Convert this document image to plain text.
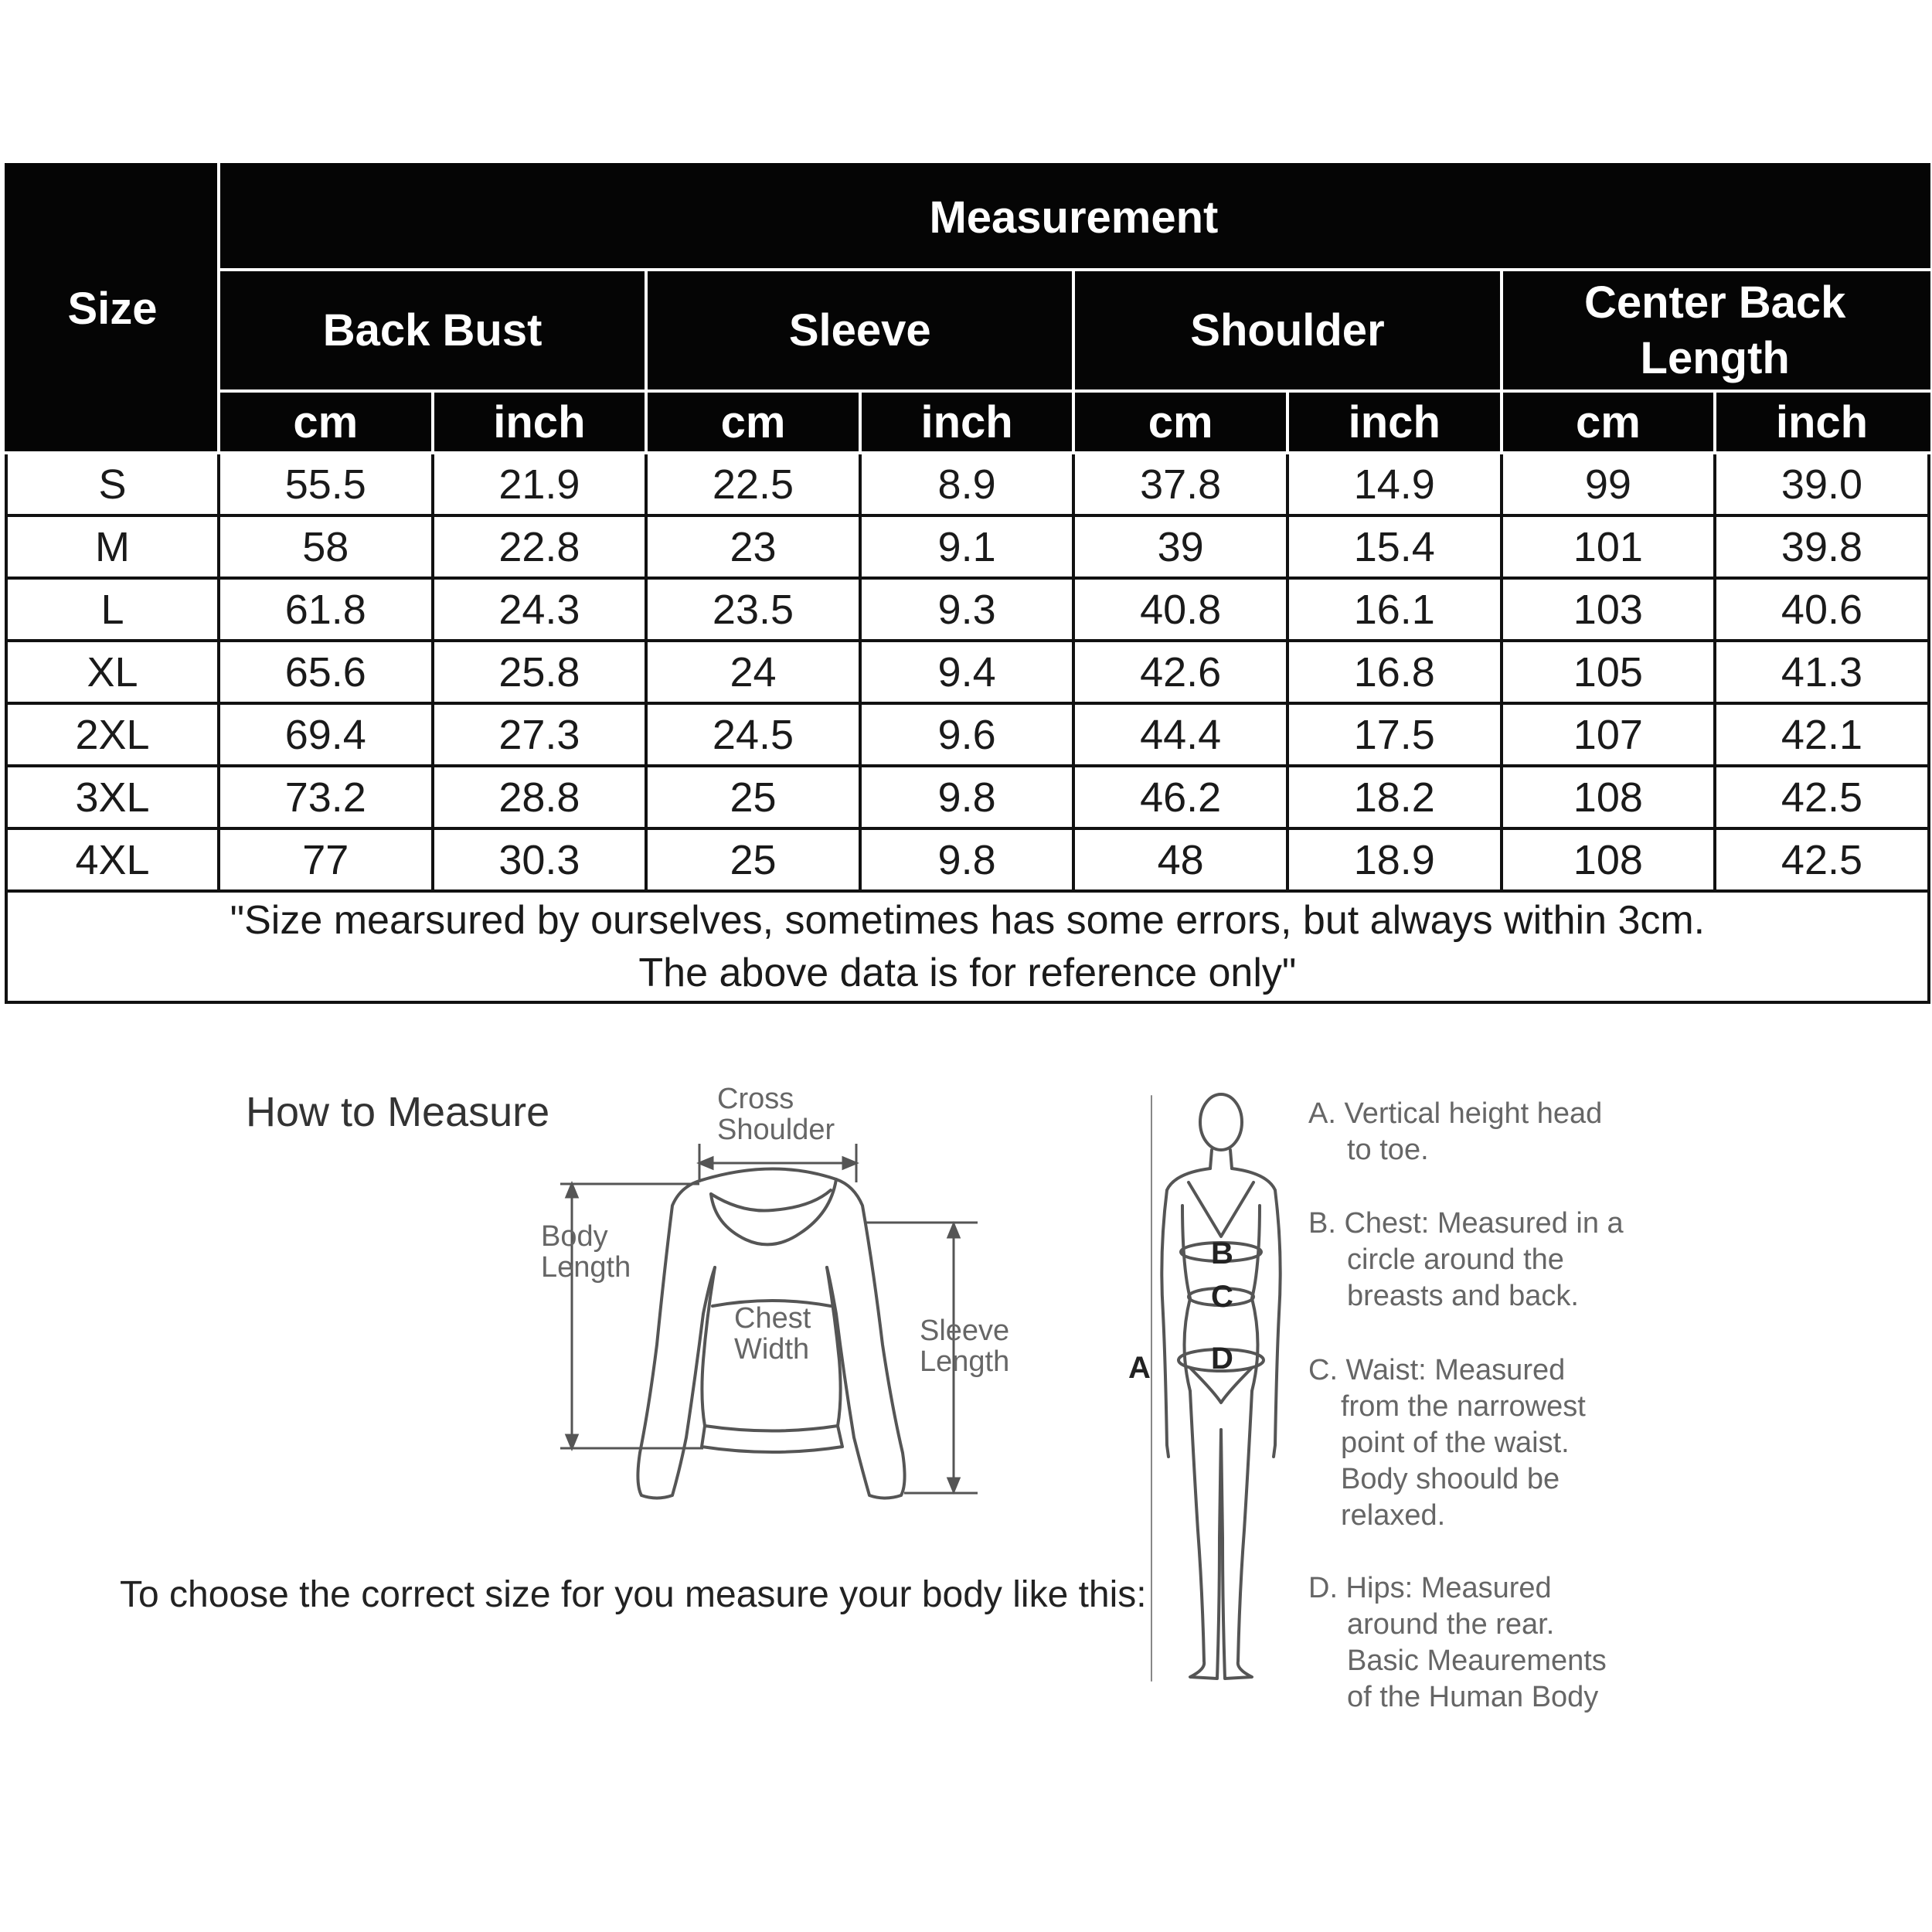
Size	Measurement							
	Back Bust		Sleeve		Shoulder		Center Back Length	
	cm	inch	cm	inch	cm	inch	cm	inch
S	55.5	21.9	22.5	8.9	37.8	14.9	99	39.0
M	58	22.8	23	9.1	39	15.4	101	39.8
L	61.8	24.3	23.5	9.3	40.8	16.1	103	40.6
XL	65.6	25.8	24	9.4	42.6	16.8	105	41.3
2XL	69.4	27.3	24.5	9.6	44.4	17.5	107	42.1
3XL	73.2	28.8	25	9.8	46.2	18.2	108	42.5
4XL	77	30.3	25	9.8	48	18.9	108	42.5

"Size mearsured by ourselves, sometimes has some errors, but always within 3cm.
The above data is for reference only"								
How to Measure	Cross
Shoulder
Body
Length
Chest
Width
Sleeve
Length	A
B
C
D
A. Vertical height head
to toe.
B. Chest: Measured in a
circle around the
breasts and back.
C. Waist: Measured
from the narrowest
point of the waist.
Body shoould be
relaxed.
D. Hips: Measured
around the rear.
Basic Meaurements
of the Human Body
To choose the correct size for you measure your body like this:
